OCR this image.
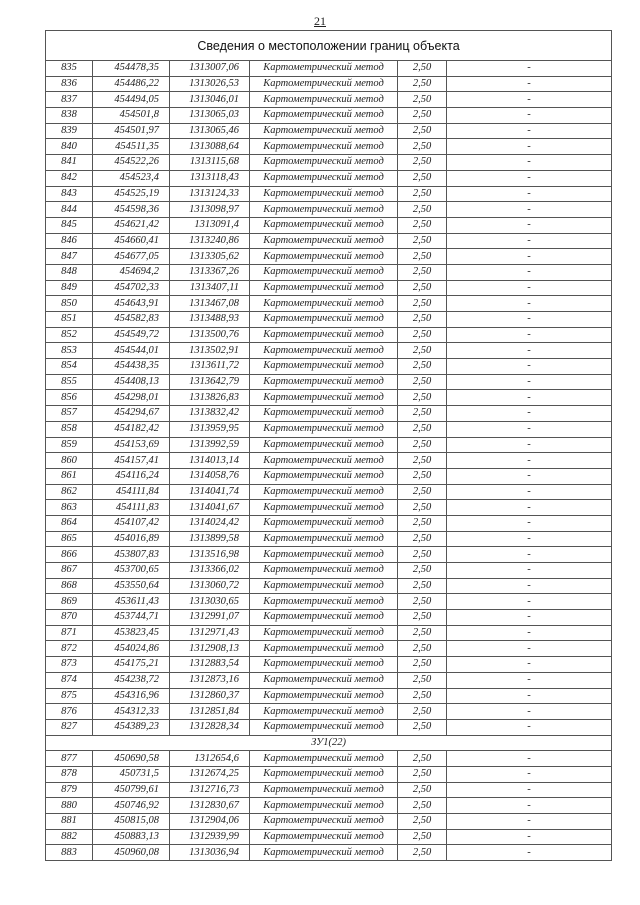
21
Сведения о местоположении границ объекта					
835	454478,35	1313007,06	Картометрический метод	2,50	-
836	454486,22	1313026,53	Картометрический метод	2,50	-
837	454494,05	1313046,01	Картометрический метод	2,50	-
838	454501,8	1313065,03	Картометрический метод	2,50	-
839	454501,97	1313065,46	Картометрический метод	2,50	-
840	454511,35	1313088,64	Картометрический метод	2,50	-
841	454522,26	1313115,68	Картометрический метод	2,50	-
842	454523,4	1313118,43	Картометрический метод	2,50	-
843	454525,19	1313124,33	Картометрический метод	2,50	-
844	454598,36	1313098,97	Картометрический метод	2,50	-
845	454621,42	1313091,4	Картометрический метод	2,50	-
846	454660,41	1313240,86	Картометрический метод	2,50	-
847	454677,05	1313305,62	Картометрический метод	2,50	-
848	454694,2	1313367,26	Картометрический метод	2,50	-
849	454702,33	1313407,11	Картометрический метод	2,50	-
850	454643,91	1313467,08	Картометрический метод	2,50	-
851	454582,83	1313488,93	Картометрический метод	2,50	-
852	454549,72	1313500,76	Картометрический метод	2,50	-
853	454544,01	1313502,91	Картометрический метод	2,50	-
854	454438,35	1313611,72	Картометрический метод	2,50	-
855	454408,13	1313642,79	Картометрический метод	2,50	-
856	454298,01	1313826,83	Картометрический метод	2,50	-
857	454294,67	1313832,42	Картометрический метод	2,50	-
858	454182,42	1313959,95	Картометрический метод	2,50	-
859	454153,69	1313992,59	Картометрический метод	2,50	-
860	454157,41	1314013,14	Картометрический метод	2,50	-
861	454116,24	1314058,76	Картометрический метод	2,50	-
862	454111,84	1314041,74	Картометрический метод	2,50	-
863	454111,83	1314041,67	Картометрический метод	2,50	-
864	454107,42	1314024,42	Картометрический метод	2,50	-
865	454016,89	1313899,58	Картометрический метод	2,50	-
866	453807,83	1313516,98	Картометрический метод	2,50	-
867	453700,65	1313366,02	Картометрический метод	2,50	-
868	453550,64	1313060,72	Картометрический метод	2,50	-
869	453611,43	1313030,65	Картометрический метод	2,50	-
870	453744,71	1312991,07	Картометрический метод	2,50	-
871	453823,45	1312971,43	Картометрический метод	2,50	-
872	454024,86	1312908,13	Картометрический метод	2,50	-
873	454175,21	1312883,54	Картометрический метод	2,50	-
874	454238,72	1312873,16	Картометрический метод	2,50	-
875	454316,96	1312860,37	Картометрический метод	2,50	-
876	454312,33	1312851,84	Картометрический метод	2,50	-
827	454389,23	1312828,34	Картометрический метод	2,50	-
ЗУ1(22)					
877	450690,58	1312654,6	Картометрический метод	2,50	-
878	450731,5	1312674,25	Картометрический метод	2,50	-
879	450799,61	1312716,73	Картометрический метод	2,50	-
880	450746,92	1312830,67	Картометрический метод	2,50	-
881	450815,08	1312904,06	Картометрический метод	2,50	-
882	450883,13	1312939,99	Картометрический метод	2,50	-
883	450960,08	1313036,94	Картометрический метод	2,50	-
